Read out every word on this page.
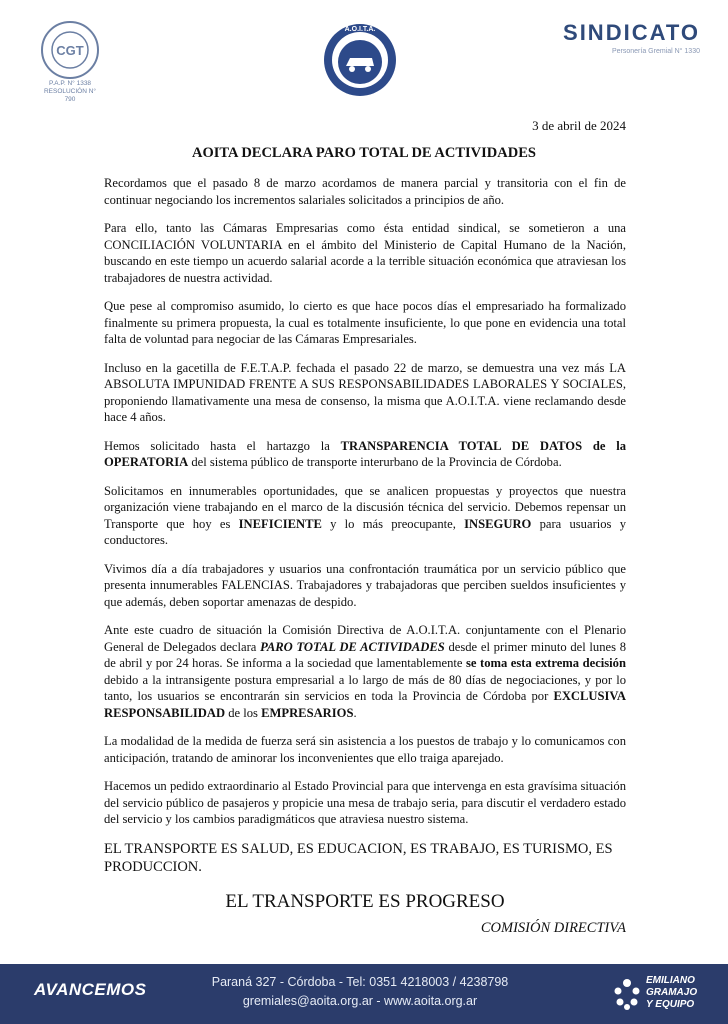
CGT
P.A.P. N° 1338
RESOLUCIÓN N° 790
A.O.I.T.A.	SINDICATO
Personería Gremial N° 1330
3 de abril de 2024
AOITA DECLARA PARO TOTAL DE ACTIVIDADES

Recordamos que el pasado 8 de marzo acordamos de manera parcial y transitoria con el fin de continuar negociando los incrementos salariales solicitados a principios de año.

Para ello, tanto las Cámaras Empresarias como ésta entidad sindical, se sometieron a una CONCILIACIÓN VOLUNTARIA en el ámbito del Ministerio de Capital Humano de la Nación, buscando en este tiempo un acuerdo salarial acorde a la terrible situación económica que atraviesan los trabajadores de nuestra actividad.

Que pese al compromiso asumido, lo cierto es que hace pocos días el empresariado ha formalizado finalmente su primera propuesta, la cual es totalmente insuficiente, lo que pone en evidencia una total falta de voluntad para negociar de las Cámaras Empresariales.

Incluso en la gacetilla de F.E.T.A.P. fechada el pasado 22 de marzo, se demuestra una vez más LA ABSOLUTA IMPUNIDAD FRENTE A SUS RESPONSABILIDADES LABORALES Y SOCIALES, proponiendo llamativamente una mesa de consenso, la misma que A.O.I.T.A. viene reclamando desde hace 4 años.

Hemos solicitado hasta el hartazgo la TRANSPARENCIA TOTAL DE DATOS de la OPERATORIA del sistema público de transporte interurbano de la Provincia de Córdoba.

Solicitamos en innumerables oportunidades, que se analicen propuestas y proyectos que nuestra organización viene trabajando en el marco de la discusión técnica del servicio. Debemos repensar un Transporte que hoy es INEFICIENTE y lo más preocupante, INSEGURO para usuarios y conductores.

Vivimos día a día trabajadores y usuarios una confrontación traumática por un servicio público que presenta innumerables FALENCIAS. Trabajadores y trabajadoras que perciben sueldos insuficientes y que además, deben soportar amenazas de despido.

Ante este cuadro de situación la Comisión Directiva de A.O.I.T.A. conjuntamente con el Plenario General de Delegados declara PARO TOTAL DE ACTIVIDADES desde el primer minuto del lunes 8 de abril y por 24 horas. Se informa a la sociedad que lamentablemente se toma esta extrema decisión debido a la intransigente postura empresarial a lo largo de más de 80 días de negociaciones, y por lo tanto, los usuarios se encontrarán sin servicios en toda la Provincia de Córdoba por EXCLUSIVA RESPONSABILIDAD de los EMPRESARIOS.

La modalidad de la medida de fuerza será sin asistencia a los puestos de trabajo y lo comunicamos con anticipación, tratando de aminorar los inconvenientes que ello traiga aparejado.

Hacemos un pedido extraordinario al Estado Provincial para que intervenga en esta gravísima situación del servicio público de pasajeros y propicie una mesa de trabajo seria, para discutir el verdadero estado del servicio y los cambios paradigmáticos que atraviesa nuestro sistema.

EL TRANSPORTE ES SALUD, ES EDUCACION, ES TRABAJO, ES TURISMO, ES PRODUCCION.

EL TRANSPORTE ES PROGRESO

COMISIÓN DIRECTIVA

AVANCEMOS	Paraná 327 - Córdoba - Tel: 0351 4218003 / 4238798
gremiales@aoita.org.ar - www.aoita.org.ar
EMILIANO
GRAMAJO
Y EQUIPO
